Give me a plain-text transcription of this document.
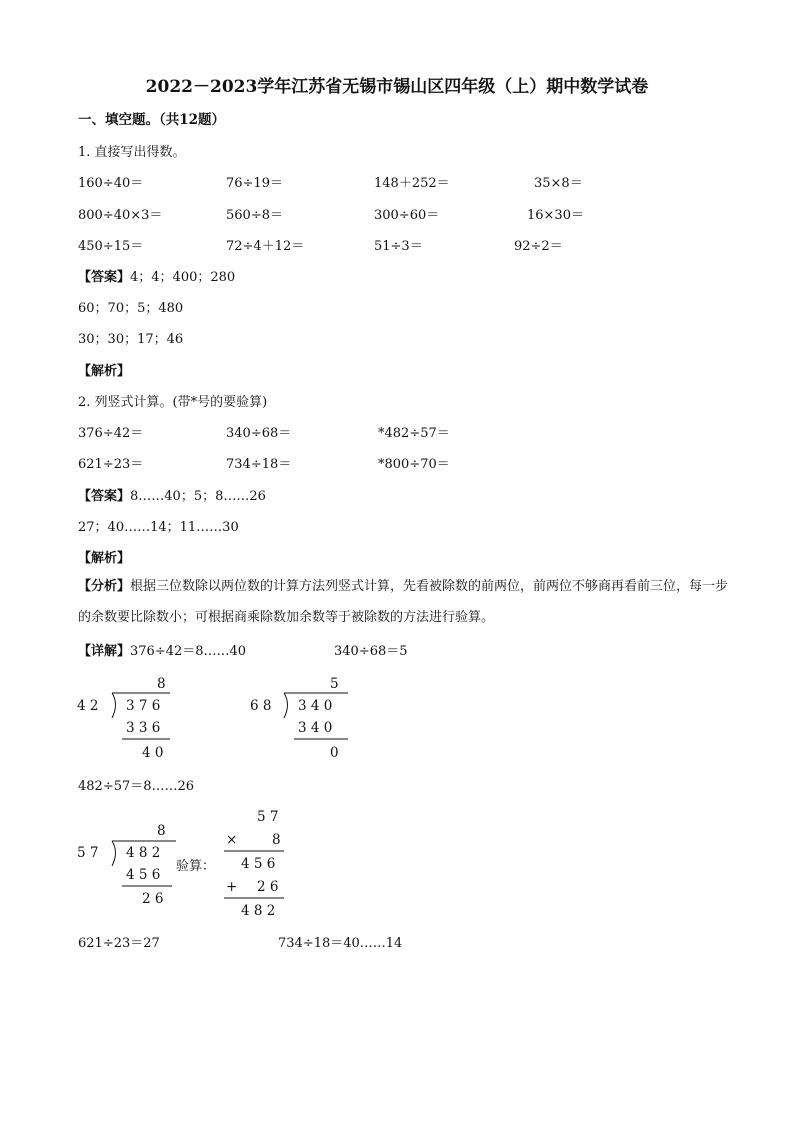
2022－2023学年江苏省无锡市锡山区四年级（上）期中数学试卷
一、填空题。（共12题）
1. 直接写出得数。
160÷40＝	76÷19＝	148＋252＝	35×8＝
800÷40×3＝	560÷8＝	300÷60＝	16×30＝
450÷15＝	72÷4＋12＝	51÷3＝	92÷2＝
【答案】4；4；400；280
60；70；5；480
30；30；17；46
【解析】
2. 列竖式计算。(带*号的要验算)
376÷42＝	340÷68＝	*482÷57＝
621÷23＝	734÷18＝	*800÷70＝
【答案】8……40；5；8……26
27；40……14；11……30
【解析】
【分析】根据三位数除以两位数的计算方法列竖式计算，先看被除数的前两位，前两位不够商再看前三位，每一步的余数要比除数小；可根据商乘除数加余数等于被除数的方法进行验算。
【详解】376÷42＝8……40	340÷68＝5
8
4 2 3 7 6
3 3 6
4 0
5
6 8 3 4 0
3 4 0
0
482÷57＝8……26
8
5 7 4 8 2
4 5 6
2 6
验算：
5 7
×	8
4 5 6
+ 2 6
4 8 2
621÷23＝27	734÷18＝40……14
